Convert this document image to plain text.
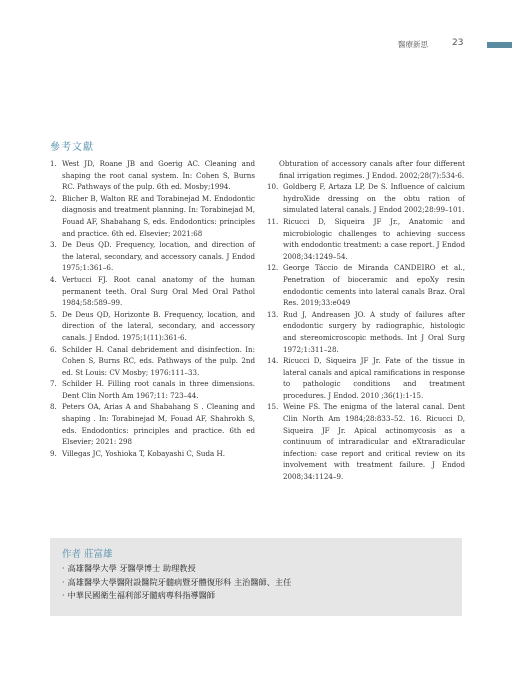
醫療新思	23
參考文獻
1. West JD, Roane JB and Goerig AC. Cleaning and shaping the root canal system. In: Cohen S, Burns RC. Pathways of the pulp. 6th ed. Mosby;1994.
2. Blicher B, Walton RE and Torabinejad M. Endodontic diagnosis and treatment planning. In: Torabinejad M, Fouad AF, Shabahang S, eds. Endodontics: principles and practice. 6th ed. Elsevier; 2021:68
3. De Deus QD. Frequency, location, and direction of the lateral, secondary, and accessory canals. J Endod 1975;1:361–6.
4. Vertucci FJ. Root canal anatomy of the human permanent teeth. Oral Surg Oral Med Oral Pathol 1984;58:589–99.
5. De Deus QD, Horizonte B. Frequency, location, and direction of the lateral, secondary, and accessory canals. J Endod. 1975;1(11):361-6.
6. Schilder H. Canal debridement and disinfection. In: Cohen S, Burns RC, eds. Pathways of the pulp. 2nd ed. St Louis: CV Mosby; 1976:111–33.
7. Schilder H. Filling root canals in three dimensions. Dent Clin North Am 1967;11: 723–44.
8. Peters OA, Arias A and Shabahang S . Cleaning and shaping . In: Torabinejad M, Fouad AF, Shahrokh S, eds. Endodontics: principles and practice. 6th ed Elsevier; 2021: 298
9. Villegas JC, Yoshioka T, Kobayashi C, Suda H.
Obturation of accessory canals after four different final irrigation regimes. J Endod. 2002;28(7):534-6.
10. Goldberg F, Artaza LP, De S. Influence of calcium hydroXide dressing on the obtu ration of simulated lateral canals. J Endod 2002;28:99–101.
11. Ricucci D, Siqueira JF Jr., Anatomic and microbiologic challenges to achieving success with endodontic treatment: a case report. J Endod 2008;34:1249–54.
12. George Táccio de Miranda CANDEIRO et al., Penetration of bioceramic and epoXy resin endodontic cements into lateral canals Braz. Oral Res. 2019;33:e049
13. Rud J, Andreasen JO. A study of failures after endodontic surgery by radiographic, histologic and stereomicroscopic methods. Int J Oral Surg 1972;1:311–28.
14. Ricucci D, Siqueira JF Jr. Fate of the tissue in lateral canals and apical ramifications in response to pathologic conditions and treatment procedures. J Endod. 2010 ;36(1):1-15.
15. Weine FS. The enigma of the lateral canal. Dent Clin North Am 1984;28:833–52. 16. Ricucci D, Siqueira JF Jr. Apical actinomycosis as a continuum of intraradicular and eXtraradicular infection: case report and critical review on its involvement with treatment failure. J Endod 2008;34:1124–9.
作者 莊富雄
· 高雄醫學大學 牙醫學博士 助理教授
· 高雄醫學大學醫附設醫院牙髓病暨牙體復形科 主治醫師、主任
· 中華民國衛生福利部牙髓病專科指導醫師
